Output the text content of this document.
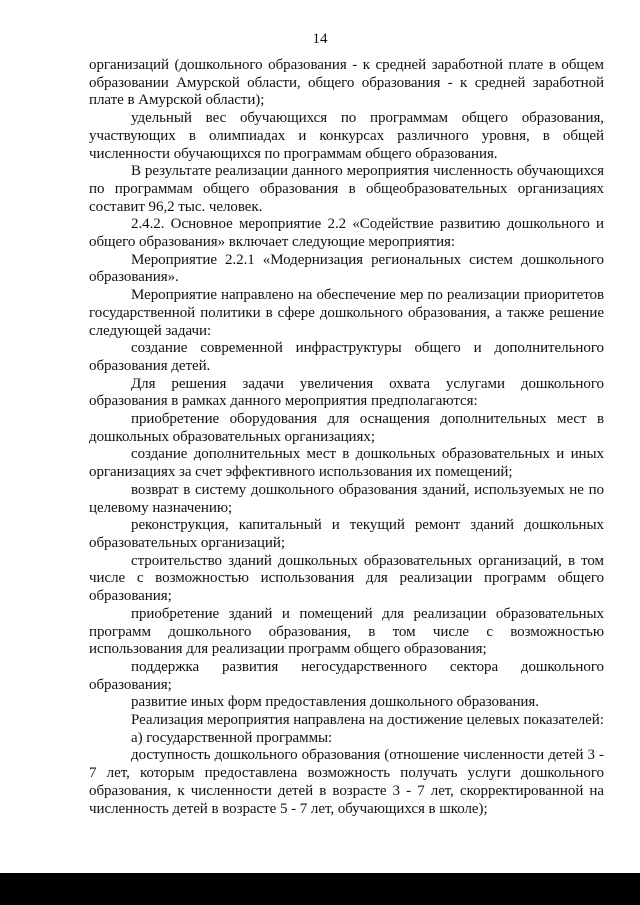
14

организаций (дошкольного образования - к средней заработной плате в общем образовании Амурской области, общего образования - к средней заработной плате в Амурской области);

удельный вес обучающихся по программам общего образования, участвующих в олимпиадах и конкурсах различного уровня, в общей численности обучающихся по программам общего образования.

В результате реализации данного мероприятия численность обучающихся по программам общего образования в общеобразовательных организациях составит 96,2 тыс. человек.

2.4.2. Основное мероприятие 2.2 «Содействие развитию дошкольного и общего образования» включает следующие мероприятия:

Мероприятие 2.2.1 «Модернизация региональных систем дошкольного образования».

Мероприятие направлено на обеспечение мер по реализации приоритетов государственной политики в сфере дошкольного образования, а также решение следующей задачи:

создание современной инфраструктуры общего и дополнительного образования детей.

Для решения задачи увеличения охвата услугами дошкольного образования в рамках данного мероприятия предполагаются:

приобретение оборудования для оснащения дополнительных мест в дошкольных образовательных организациях;

создание дополнительных мест в дошкольных образовательных и иных организациях за счет эффективного использования их помещений;

возврат в систему дошкольного образования зданий, используемых не по целевому назначению;

реконструкция, капитальный и текущий ремонт зданий дошкольных образовательных организаций;

строительство зданий дошкольных образовательных организаций, в том числе с возможностью использования для реализации программ общего образования;

приобретение зданий и помещений для реализации образовательных программ дошкольного образования, в том числе с возможностью использования для реализации программ общего образования;

поддержка развития негосударственного сектора дошкольного образования;

развитие иных форм предоставления дошкольного образования.

Реализация мероприятия направлена на достижение целевых показателей:

а) государственной программы:

доступность дошкольного образования (отношение численности детей 3 - 7 лет, которым предоставлена возможность получать услуги дошкольного образования, к численности детей в возрасте 3 - 7 лет, скорректированной на численность детей в возрасте 5 - 7 лет, обучающихся в школе);
